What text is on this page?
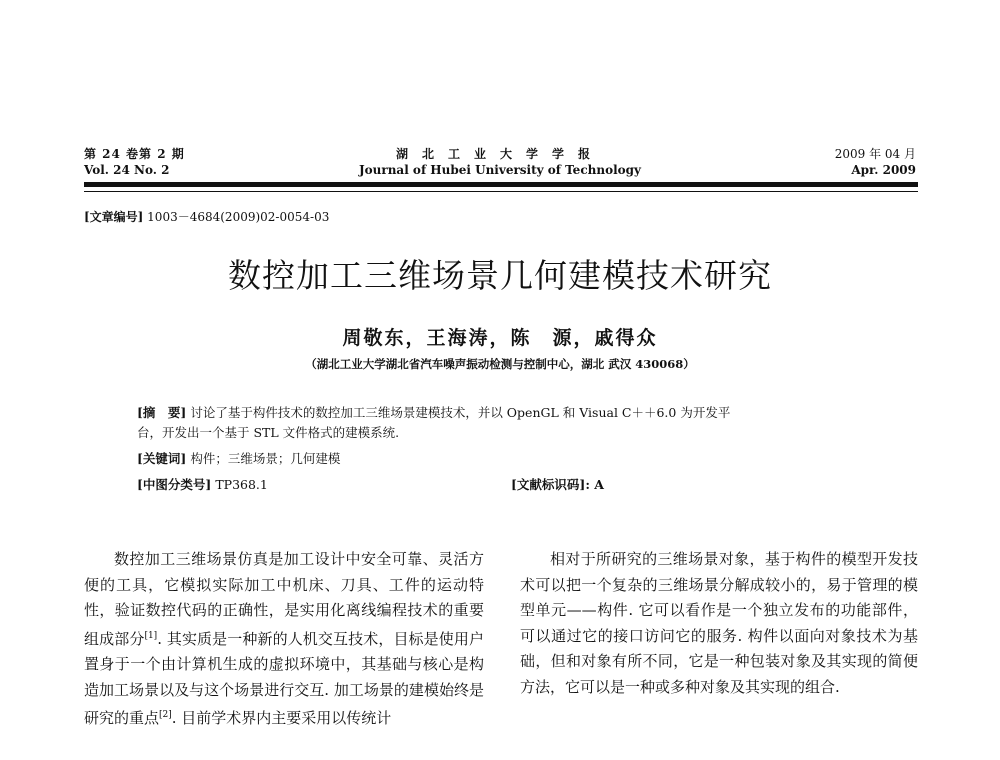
第 24 卷第 2 期
Vol. 24 No. 2
湖北工业大学学报
Journal of Hubei University of Technology
2009 年 04 月
Apr. 2009
[文章编号] 1003－4684(2009)02-0054-03
数控加工三维场景几何建模技术研究
周敬东，王海涛，陈　源，戚得众
（湖北工业大学湖北省汽车噪声振动检测与控制中心，湖北 武汉 430068）
[摘　要] 讨论了基于构件技术的数控加工三维场景建模技术，并以 OpenGL 和 Visual C＋＋6.0 为开发平
台，开发出一个基于 STL 文件格式的建模系统.
[关键词] 构件；三维场景；几何建模
[中图分类号] TP368.1	[文献标识码]: A

数控加工三维场景仿真是加工设计中安全可靠、灵活方便的工具，它模拟实际加工中机床、刀具、工件的运动特性，验证数控代码的正确性，是实用化离线编程技术的重要组成部分[1]. 其实质是一种新的人机交互技术，目标是使用户置身于一个由计算机生成的虚拟环境中，其基础与核心是构造加工场景以及与这个场景进行交互. 加工场景的建模始终是研究的重点[2]. 目前学术界内主要采用以传统计

相对于所研究的三维场景对象，基于构件的模型开发技术可以把一个复杂的三维场景分解成较小的，易于管理的模型单元——构件. 它可以看作是一个独立发布的功能部件，可以通过它的接口访问它的服务. 构件以面向对象技术为基础，但和对象有所不同，它是一种包装对象及其实现的简便方法，它可以是一种或多种对象及其实现的组合.
